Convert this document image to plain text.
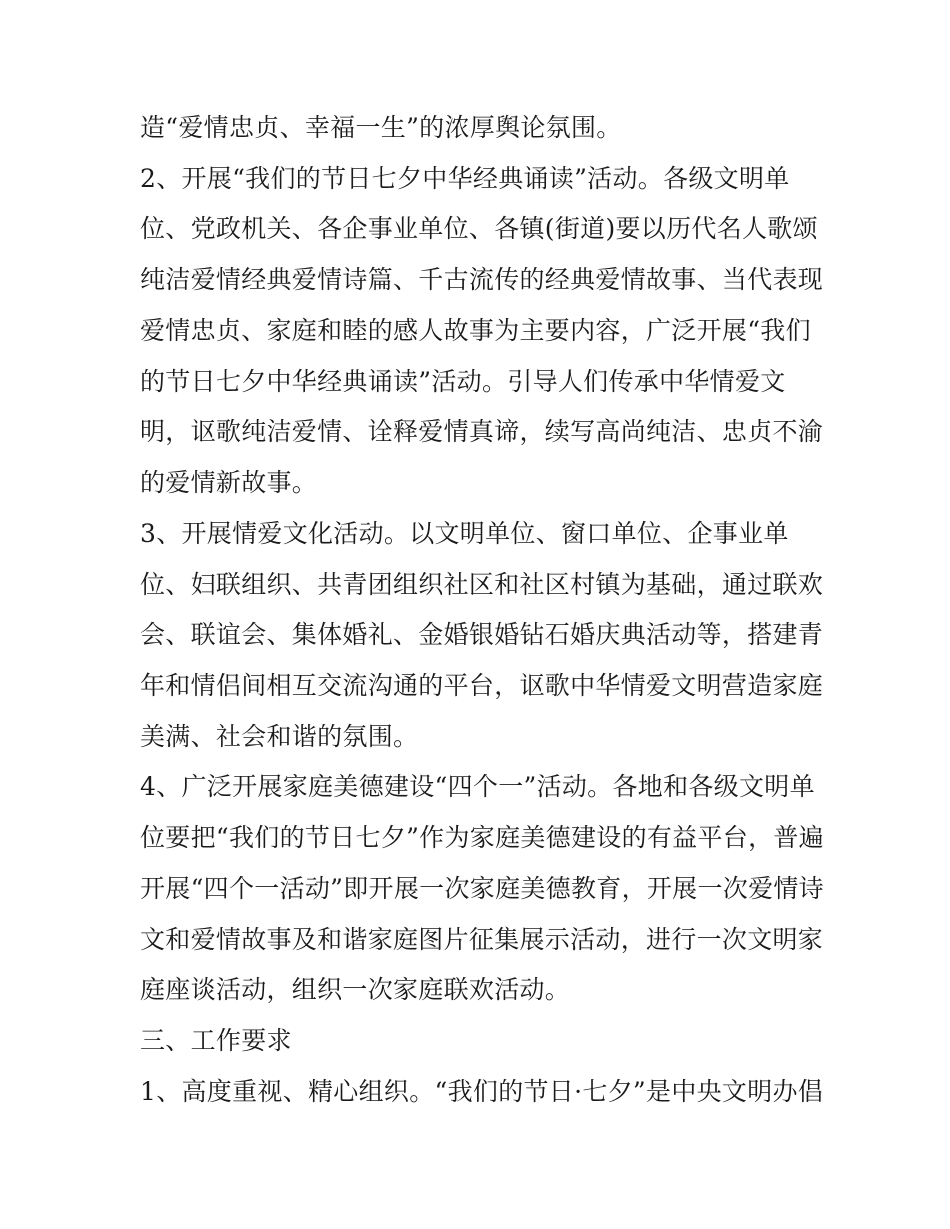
造“爱情忠贞、幸福一生”的浓厚舆论氛围。
2、开展“我们的节日七夕中华经典诵读”活动。各级文明单
位、党政机关、各企事业单位、各镇(街道)要以历代名人歌颂
纯洁爱情经典爱情诗篇、千古流传的经典爱情故事、当代表现
爱情忠贞、家庭和睦的感人故事为主要内容，广泛开展“我们
的节日七夕中华经典诵读”活动。引导人们传承中华情爱文
明，讴歌纯洁爱情、诠释爱情真谛，续写高尚纯洁、忠贞不渝
的爱情新故事。
3、开展情爱文化活动。以文明单位、窗口单位、企事业单
位、妇联组织、共青团组织社区和社区村镇为基础，通过联欢
会、联谊会、集体婚礼、金婚银婚钻石婚庆典活动等，搭建青
年和情侣间相互交流沟通的平台，讴歌中华情爱文明营造家庭
美满、社会和谐的氛围。
4、广泛开展家庭美德建设“四个一”活动。各地和各级文明单
位要把“我们的节日七夕”作为家庭美德建设的有益平台，普遍
开展“四个一活动”即开展一次家庭美德教育，开展一次爱情诗
文和爱情故事及和谐家庭图片征集展示活动，进行一次文明家
庭座谈活动，组织一次家庭联欢活动。
三、工作要求
1、高度重视、精心组织。“我们的节日·七夕”是中央文明办倡
